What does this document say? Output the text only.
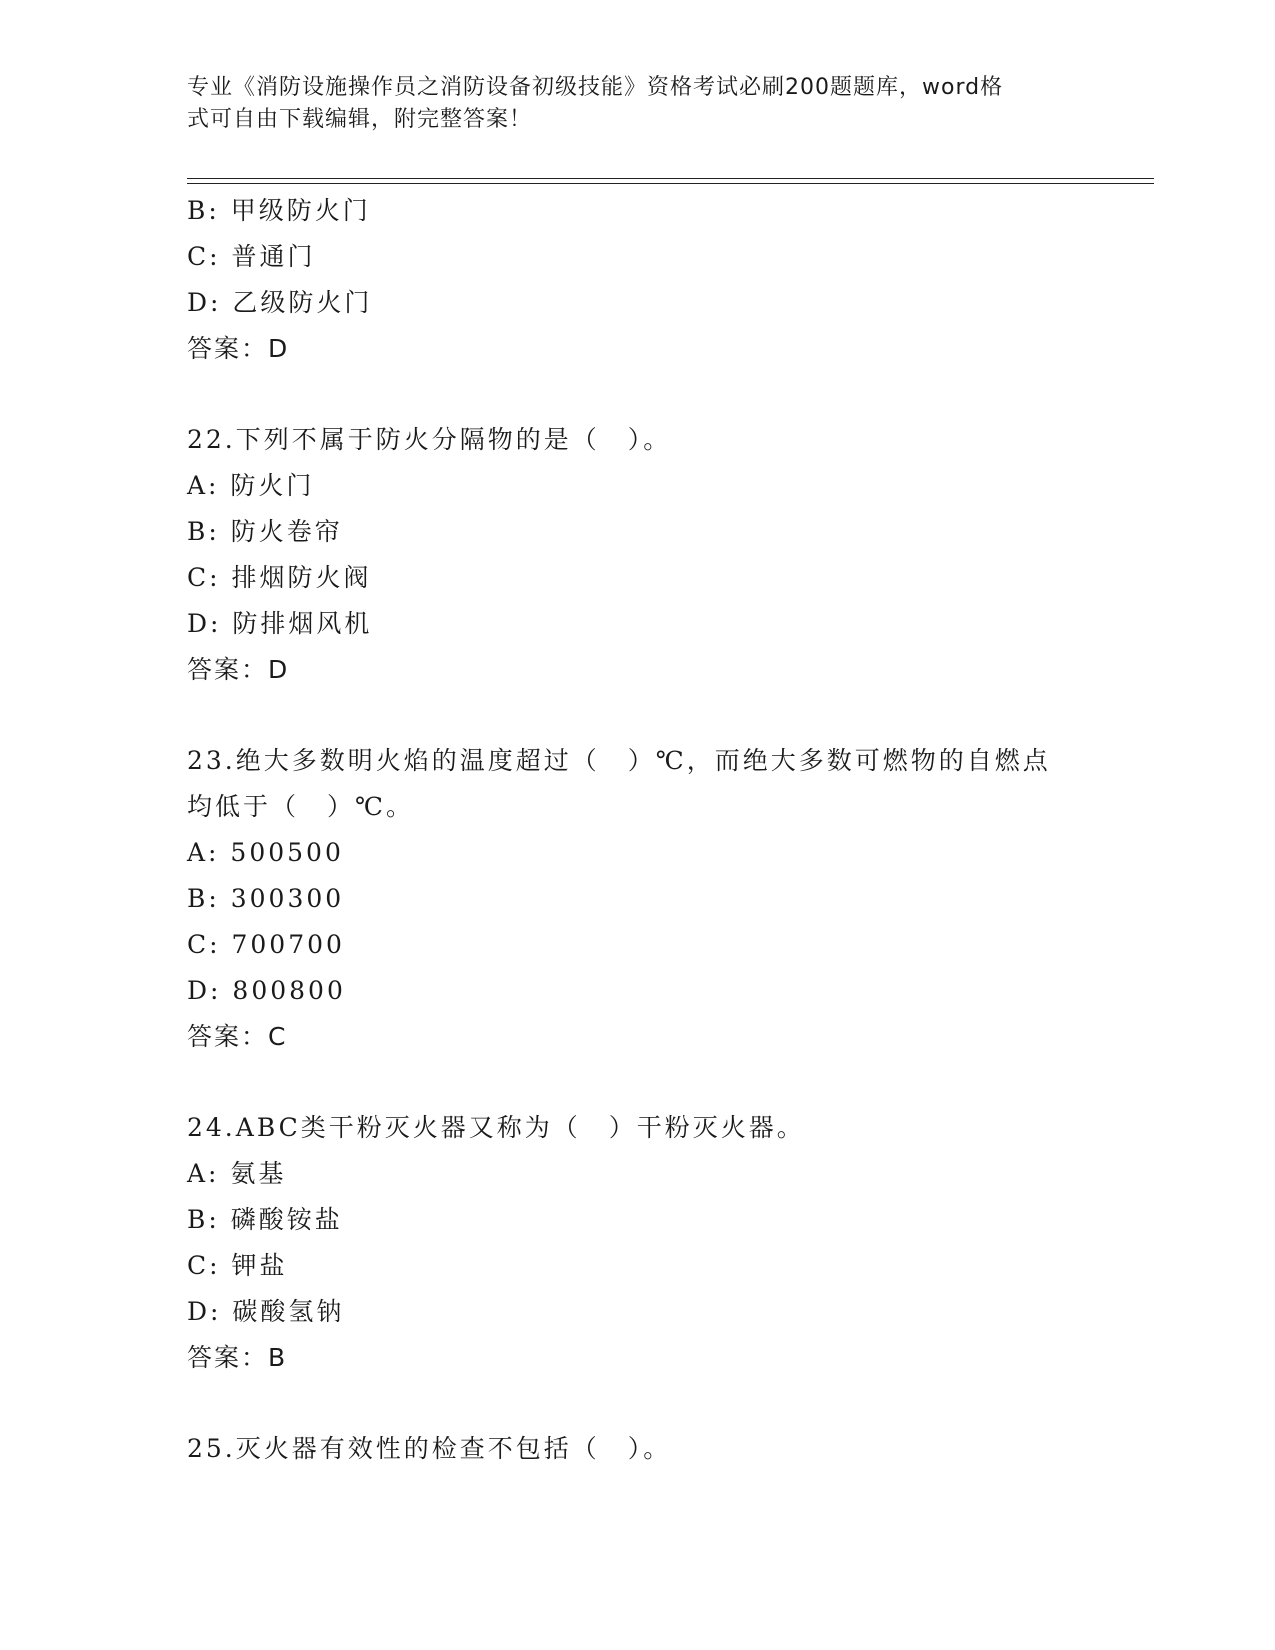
专业《消防设施操作员之消防设备初级技能》资格考试必刷200题题库，word格
式可自由下载编辑，附完整答案！
B: 甲级防火门
C: 普通门
D: 乙级防火门
答案：D
22.下列不属于防火分隔物的是（　）。
A: 防火门
B: 防火卷帘
C: 排烟防火阀
D: 防排烟风机
答案：D
23.绝大多数明火焰的温度超过（　）℃，而绝大多数可燃物的自燃点
均低于（　）℃。
A: 500500
B: 300300
C: 700700
D: 800800
答案：C
24.ABC类干粉灭火器又称为（　）干粉灭火器。
A: 氨基
B: 磷酸铵盐
C: 钾盐
D: 碳酸氢钠
答案：B
25.灭火器有效性的检查不包括（　）。
